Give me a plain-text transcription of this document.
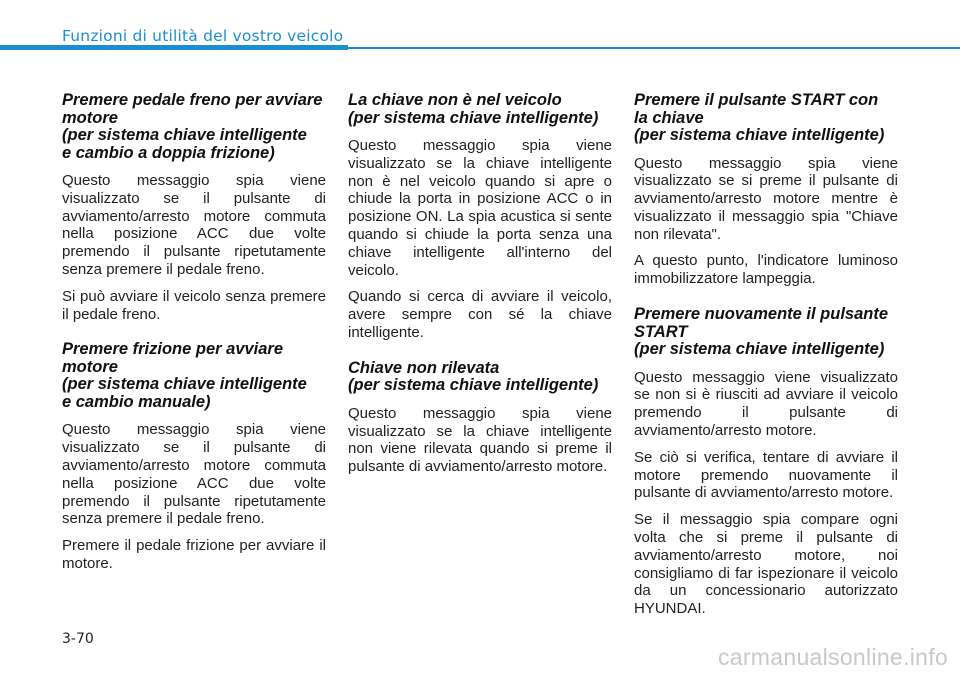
Funzioni di utilità del vostro veicolo
Premere pedale freno per avviare
motore
(per sistema chiave intelligente
e cambio a doppia frizione)

Questo messaggio spia viene visualizzato se il pulsante di avviamento/arresto motore commuta nella posizione ACC due volte premendo il pulsante ripetutamente senza premere il pedale freno.

Si può avviare il veicolo senza premere il pedale freno.

Premere frizione per avviare
motore
(per sistema chiave intelligente
e cambio manuale)

Questo messaggio spia viene visualizzato se il pulsante di avviamento/arresto motore commuta nella posizione ACC due volte premendo il pulsante ripetutamente senza premere il pedale freno.

Premere il pedale frizione per avviare il motore.

La chiave non è nel veicolo
(per sistema chiave intelligente)

Questo messaggio spia viene visualizzato se la chiave intelligente non è nel veicolo quando si apre o chiude la porta in posizione ACC o in posizione ON. La spia acustica si sente quando si chiude la porta senza una chiave intelligente all'interno del veicolo.

Quando si cerca di avviare il veicolo, avere sempre con sé la chiave intelligente.

Chiave non rilevata
(per sistema chiave intelligente)

Questo messaggio spia viene visualizzato se la chiave intelligente non viene rilevata quando si preme il pulsante di avviamento/arresto motore.

Premere il pulsante START con
la chiave
(per sistema chiave intelligente)

Questo messaggio spia viene visualizzato se si preme il pulsante di avviamento/arresto motore mentre è visualizzato il messaggio spia "Chiave non rilevata".

A questo punto, l'indicatore luminoso immobilizzatore lampeggia.

Premere nuovamente il pulsante
START
(per sistema chiave intelligente)

Questo messaggio viene visualizzato se non si è riusciti ad avviare il veicolo premendo il pulsante di avviamento/arresto motore.

Se ciò si verifica, tentare di avviare il motore premendo nuovamente il pulsante di avviamento/arresto motore.

Se il messaggio spia compare ogni volta che si preme il pulsante di avviamento/arresto motore, noi consigliamo di far ispezionare il veicolo da un concessionario autorizzato HYUNDAI.

3-70
carmanualsonline.info
